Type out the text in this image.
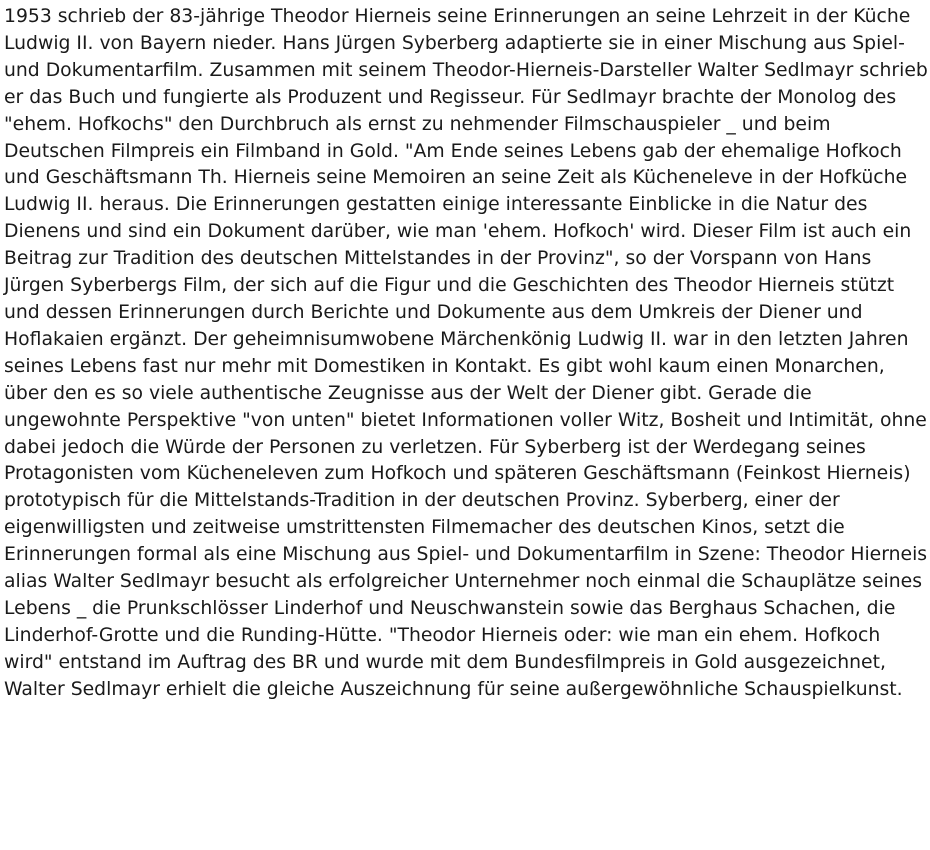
1953 schrieb der 83-jährige Theodor Hierneis seine Erinnerungen an seine Lehrzeit in der Küche Ludwig II. von Bayern nieder. Hans Jürgen Syberberg adaptierte sie in einer Mischung aus Spiel- und Dokumentarfilm. Zusammen mit seinem Theodor-Hierneis-Darsteller Walter Sedlmayr schrieb er das Buch und fungierte als Produzent und Regisseur. Für Sedlmayr brachte der Monolog des "ehem. Hofkochs" den Durchbruch als ernst zu nehmender Filmschauspieler _ und beim Deutschen Filmpreis ein Filmband in Gold. "Am Ende seines Lebens gab der ehemalige Hofkoch und Geschäftsmann Th. Hierneis seine Memoiren an seine Zeit als Kücheneleve in der Hofküche Ludwig II. heraus. Die Erinnerungen gestatten einige interessante Einblicke in die Natur des Dienens und sind ein Dokument darüber, wie man 'ehem. Hofkoch' wird. Dieser Film ist auch ein Beitrag zur Tradition des deutschen Mittelstandes in der Provinz", so der Vorspann von Hans Jürgen Syberbergs Film, der sich auf die Figur und die Geschichten des Theodor Hierneis stützt und dessen Erinnerungen durch Berichte und Dokumente aus dem Umkreis der Diener und Hoflakaien ergänzt. Der geheimnisumwobene Märchenkönig Ludwig II. war in den letzten Jahren seines Lebens fast nur mehr mit Domestiken in Kontakt. Es gibt wohl kaum einen Monarchen, über den es so viele authentische Zeugnisse aus der Welt der Diener gibt. Gerade die ungewohnte Perspektive "von unten" bietet Informationen voller Witz, Bosheit und Intimität, ohne dabei jedoch die Würde der Personen zu verletzen. Für Syberberg ist der Werdegang seines Protagonisten vom Kücheneleven zum Hofkoch und späteren Geschäftsmann (Feinkost Hierneis) prototypisch für die Mittelstands-Tradition in der deutschen Provinz. Syberberg, einer der eigenwilligsten und zeitweise umstrittensten Filmemacher des deutschen Kinos, setzt die Erinnerungen formal als eine Mischung aus Spiel- und Dokumentarfilm in Szene: Theodor Hierneis alias Walter Sedlmayr besucht als erfolgreicher Unternehmer noch einmal die Schauplätze seines Lebens _ die Prunkschlösser Linderhof und Neuschwanstein sowie das Berghaus Schachen, die Linderhof-Grotte und die Runding-Hütte. "Theodor Hierneis oder: wie man ein ehem. Hofkoch wird" entstand im Auftrag des BR und wurde mit dem Bundesfilmpreis in Gold ausgezeichnet, Walter Sedlmayr erhielt die gleiche Auszeichnung für seine außergewöhnliche Schauspielkunst.
